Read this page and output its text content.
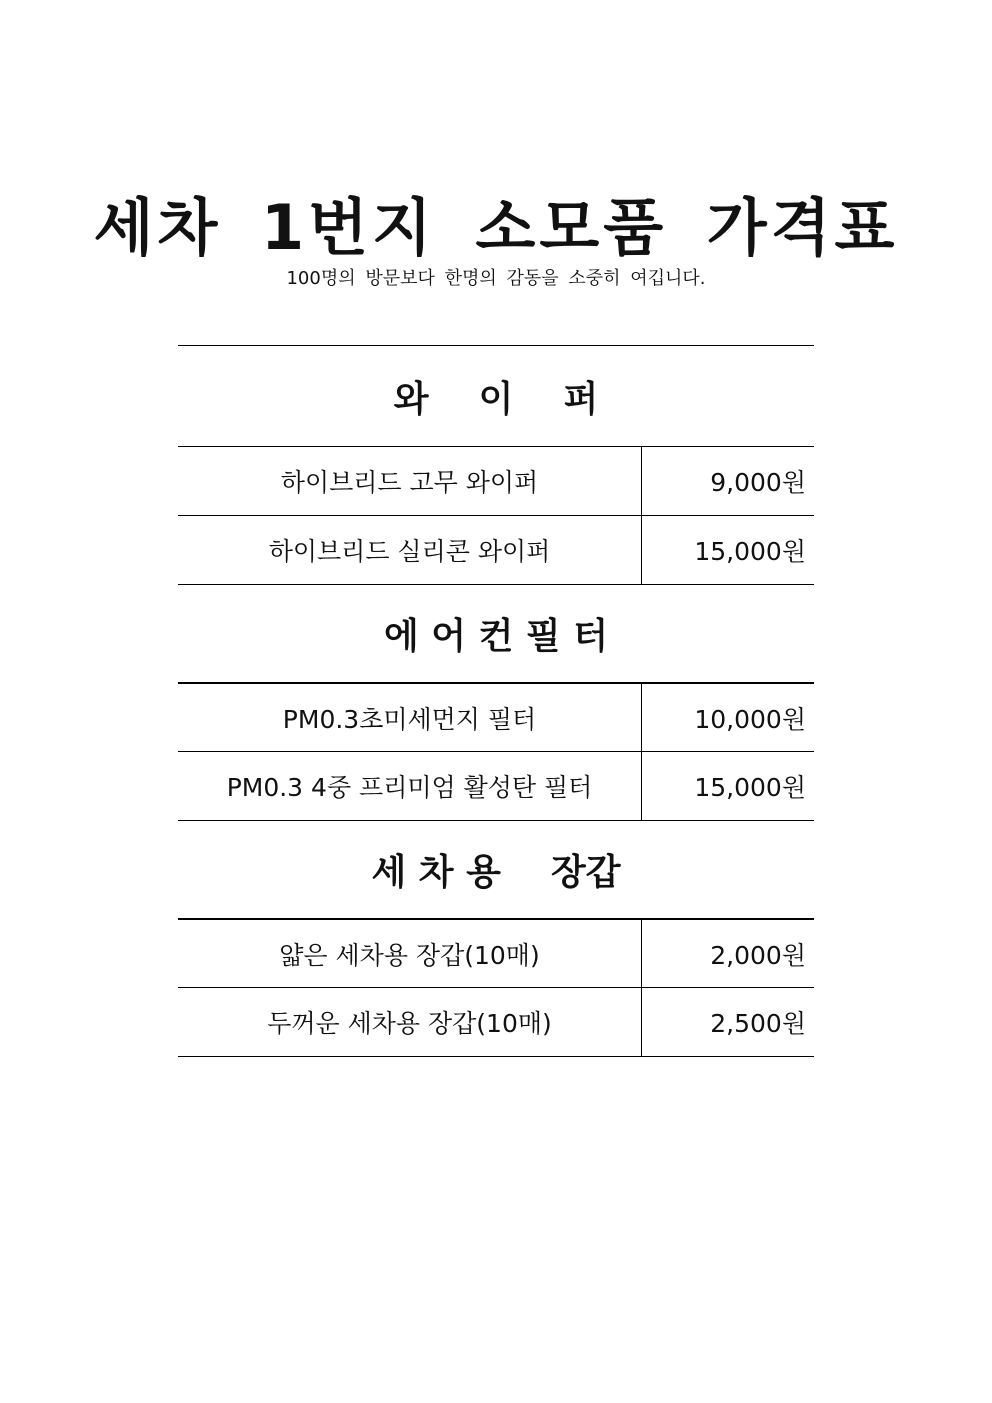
세차 1번지 소모품 가격표
100명의 방문보다 한명의 감동을 소중히 여깁니다.
와    이    퍼
하이브리드 고무 와이퍼	9,000원
하이브리드 실리콘 와이퍼	15,000원
에 어 컨 필 터
PM0.3초미세먼지 필터	10,000원
PM0.3 4중 프리미엄 활성탄 필터	15,000원
세 차 용    장갑
얇은 세차용 장갑(10매)	2,000원
두꺼운 세차용 장갑(10매)	2,500원
